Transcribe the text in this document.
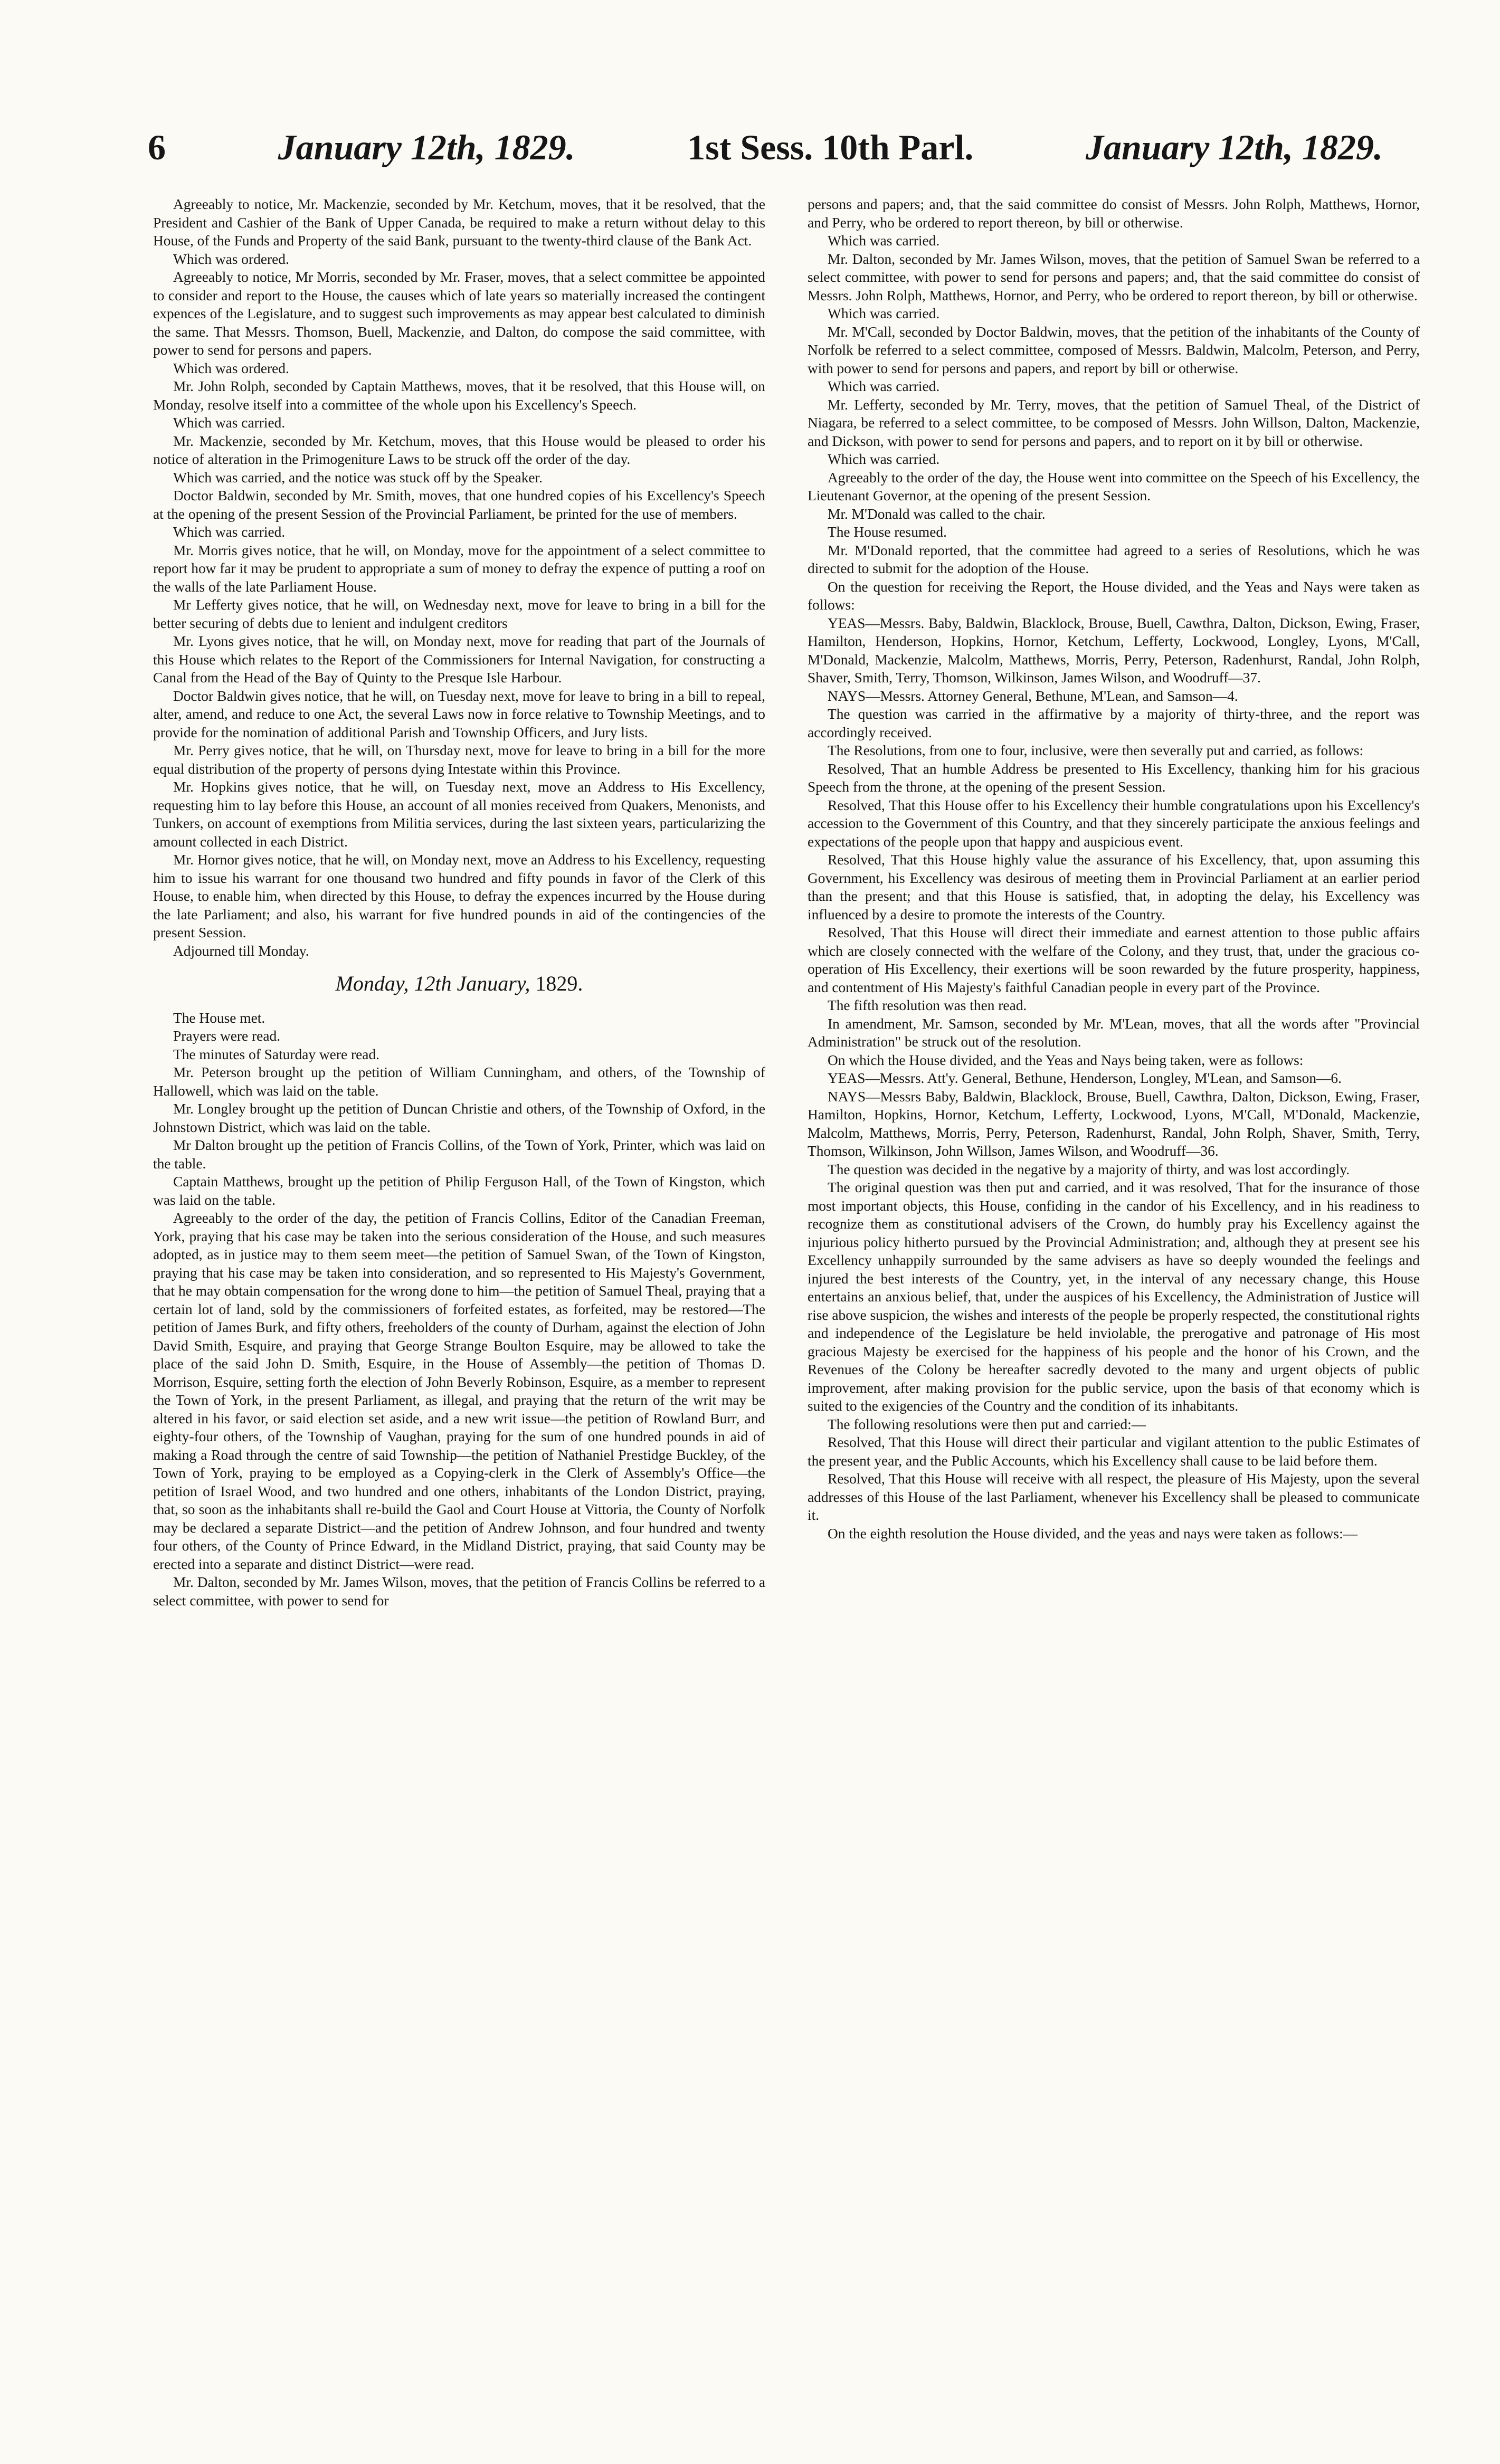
6	January 12th, 1829.	1st Sess. 10th Parl.	January 12th, 1829.

Agreeably to notice, Mr. Mackenzie, seconded by Mr. Ketchum, moves, that it be resolved, that the President and Cashier of the Bank of Upper Canada, be required to make a return without delay to this House, of the Funds and Property of the said Bank, pursuant to the twenty-third clause of the Bank Act.

Which was ordered.

Agreeably to notice, Mr Morris, seconded by Mr. Fraser, moves, that a select committee be appointed to consider and report to the House, the causes which of late years so materially increased the contingent expences of the Legislature, and to suggest such improvements as may appear best calculated to diminish the same. That Messrs. Thomson, Buell, Mackenzie, and Dalton, do compose the said committee, with power to send for persons and papers.

Which was ordered.

Mr. John Rolph, seconded by Captain Matthews, moves, that it be resolved, that this House will, on Monday, resolve itself into a committee of the whole upon his Excellency's Speech.

Which was carried.

Mr. Mackenzie, seconded by Mr. Ketchum, moves, that this House would be pleased to order his notice of alteration in the Primogeniture Laws to be struck off the order of the day.

Which was carried, and the notice was stuck off by the Speaker.

Doctor Baldwin, seconded by Mr. Smith, moves, that one hundred copies of his Excellency's Speech at the opening of the present Session of the Provincial Parliament, be printed for the use of members.

Which was carried.

Mr. Morris gives notice, that he will, on Monday, move for the appointment of a select committee to report how far it may be prudent to appropriate a sum of money to defray the expence of putting a roof on the walls of the late Parliament House.

Mr Lefferty gives notice, that he will, on Wednesday next, move for leave to bring in a bill for the better securing of debts due to lenient and indulgent creditors

Mr. Lyons gives notice, that he will, on Monday next, move for reading that part of the Journals of this House which relates to the Report of the Commissioners for Internal Navigation, for constructing a Canal from the Head of the Bay of Quinty to the Presque Isle Harbour.

Doctor Baldwin gives notice, that he will, on Tuesday next, move for leave to bring in a bill to repeal, alter, amend, and reduce to one Act, the several Laws now in force relative to Township Meetings, and to provide for the nomination of additional Parish and Township Officers, and Jury lists.

Mr. Perry gives notice, that he will, on Thursday next, move for leave to bring in a bill for the more equal distribution of the property of persons dying Intestate within this Province.

Mr. Hopkins gives notice, that he will, on Tuesday next, move an Address to His Excellency, requesting him to lay before this House, an account of all monies received from Quakers, Menonists, and Tunkers, on account of exemptions from Militia services, during the last sixteen years, particularizing the amount collected in each District.

Mr. Hornor gives notice, that he will, on Monday next, move an Address to his Excellency, requesting him to issue his warrant for one thousand two hundred and fifty pounds in favor of the Clerk of this House, to enable him, when directed by this House, to defray the expences incurred by the House during the late Parliament; and also, his warrant for five hundred pounds in aid of the contingencies of the present Session.

Adjourned till Monday.

Monday, 12th January, 1829.

The House met.

Prayers were read.

The minutes of Saturday were read.

Mr. Peterson brought up the petition of William Cunningham, and others, of the Township of Hallowell, which was laid on the table.

Mr. Longley brought up the petition of Duncan Christie and others, of the Township of Oxford, in the Johnstown District, which was laid on the table.

Mr Dalton brought up the petition of Francis Collins, of the Town of York, Printer, which was laid on the table.

Captain Matthews, brought up the petition of Philip Ferguson Hall, of the Town of Kingston, which was laid on the table.

Agreeably to the order of the day, the petition of Francis Collins, Editor of the Canadian Freeman, York, praying that his case may be taken into the serious consideration of the House, and such measures adopted, as in justice may to them seem meet—the petition of Samuel Swan, of the Town of Kingston, praying that his case may be taken into consideration, and so represented to His Majesty's Government, that he may obtain compensation for the wrong done to him—the petition of Samuel Theal, praying that a certain lot of land, sold by the commissioners of forfeited estates, as forfeited, may be restored—The petition of James Burk, and fifty others, freeholders of the county of Durham, against the election of John David Smith, Esquire, and praying that George Strange Boulton Esquire, may be allowed to take the place of the said John D. Smith, Esquire, in the House of Assembly—the petition of Thomas D. Morrison, Esquire, setting forth the election of John Beverly Robinson, Esquire, as a member to represent the Town of York, in the present Parliament, as illegal, and praying that the return of the writ may be altered in his favor, or said election set aside, and a new writ issue—the petition of Rowland Burr, and eighty-four others, of the Township of Vaughan, praying for the sum of one hundred pounds in aid of making a Road through the centre of said Township—the petition of Nathaniel Prestidge Buckley, of the Town of York, praying to be employed as a Copying-clerk in the Clerk of Assembly's Office—the petition of Israel Wood, and two hundred and one others, inhabitants of the London District, praying, that, so soon as the inhabitants shall re-build the Gaol and Court House at Vittoria, the County of Norfolk may be declared a separate District—and the petition of Andrew Johnson, and four hundred and twenty four others, of the County of Prince Edward, in the Midland District, praying, that said County may be erected into a separate and distinct District—were read.

Mr. Dalton, seconded by Mr. James Wilson, moves, that the petition of Francis Collins be referred to a select committee, with power to send for

persons and papers; and, that the said committee do consist of Messrs. John Rolph, Matthews, Hornor, and Perry, who be ordered to report thereon, by bill or otherwise.

Which was carried.

Mr. Dalton, seconded by Mr. James Wilson, moves, that the petition of Samuel Swan be referred to a select committee, with power to send for persons and papers; and, that the said committee do consist of Messrs. John Rolph, Matthews, Hornor, and Perry, who be ordered to report thereon, by bill or otherwise.

Which was carried.

Mr. M'Call, seconded by Doctor Baldwin, moves, that the petition of the inhabitants of the County of Norfolk be referred to a select committee, composed of Messrs. Baldwin, Malcolm, Peterson, and Perry, with power to send for persons and papers, and report by bill or otherwise.

Which was carried.

Mr. Lefferty, seconded by Mr. Terry, moves, that the petition of Samuel Theal, of the District of Niagara, be referred to a select committee, to be composed of Messrs. John Willson, Dalton, Mackenzie, and Dickson, with power to send for persons and papers, and to report on it by bill or otherwise.

Which was carried.

Agreeably to the order of the day, the House went into committee on the Speech of his Excellency, the Lieutenant Governor, at the opening of the present Session.

Mr. M'Donald was called to the chair.

The House resumed.

Mr. M'Donald reported, that the committee had agreed to a series of Resolutions, which he was directed to submit for the adoption of the House.

On the question for receiving the Report, the House divided, and the Yeas and Nays were taken as follows:

YEAS—Messrs. Baby, Baldwin, Blacklock, Brouse, Buell, Cawthra, Dalton, Dickson, Ewing, Fraser, Hamilton, Henderson, Hopkins, Hornor, Ketchum, Lefferty, Lockwood, Longley, Lyons, M'Call, M'Donald, Mackenzie, Malcolm, Matthews, Morris, Perry, Peterson, Radenhurst, Randal, John Rolph, Shaver, Smith, Terry, Thomson, Wilkinson, James Wilson, and Woodruff—37.

NAYS—Messrs. Attorney General, Bethune, M'Lean, and Samson—4.

The question was carried in the affirmative by a majority of thirty-three, and the report was accordingly received.

The Resolutions, from one to four, inclusive, were then severally put and carried, as follows:

Resolved, That an humble Address be presented to His Excellency, thanking him for his gracious Speech from the throne, at the opening of the present Session.

Resolved, That this House offer to his Excellency their humble congratulations upon his Excellency's accession to the Government of this Country, and that they sincerely participate the anxious feelings and expectations of the people upon that happy and auspicious event.

Resolved, That this House highly value the assurance of his Excellency, that, upon assuming this Government, his Excellency was desirous of meeting them in Provincial Parliament at an earlier period than the present; and that this House is satisfied, that, in adopting the delay, his Excellency was influenced by a desire to promote the interests of the Country.

Resolved, That this House will direct their immediate and earnest attention to those public affairs which are closely connected with the welfare of the Colony, and they trust, that, under the gracious co-operation of His Excellency, their exertions will be soon rewarded by the future prosperity, happiness, and contentment of His Majesty's faithful Canadian people in every part of the Province.

The fifth resolution was then read.

In amendment, Mr. Samson, seconded by Mr. M'Lean, moves, that all the words after "Provincial Administration" be struck out of the resolution.

On which the House divided, and the Yeas and Nays being taken, were as follows:

YEAS—Messrs. Att'y. General, Bethune, Henderson, Longley, M'Lean, and Samson—6.

NAYS—Messrs Baby, Baldwin, Blacklock, Brouse, Buell, Cawthra, Dalton, Dickson, Ewing, Fraser, Hamilton, Hopkins, Hornor, Ketchum, Lefferty, Lockwood, Lyons, M'Call, M'Donald, Mackenzie, Malcolm, Matthews, Morris, Perry, Peterson, Radenhurst, Randal, John Rolph, Shaver, Smith, Terry, Thomson, Wilkinson, John Willson, James Wilson, and Woodruff—36.

The question was decided in the negative by a majority of thirty, and was lost accordingly.

The original question was then put and carried, and it was resolved, That for the insurance of those most important objects, this House, confiding in the candor of his Excellency, and in his readiness to recognize them as constitutional advisers of the Crown, do humbly pray his Excellency against the injurious policy hitherto pursued by the Provincial Administration; and, although they at present see his Excellency unhappily surrounded by the same advisers as have so deeply wounded the feelings and injured the best interests of the Country, yet, in the interval of any necessary change, this House entertains an anxious belief, that, under the auspices of his Excellency, the Administration of Justice will rise above suspicion, the wishes and interests of the people be properly respected, the constitutional rights and independence of the Legislature be held inviolable, the prerogative and patronage of His most gracious Majesty be exercised for the happiness of his people and the honor of his Crown, and the Revenues of the Colony be hereafter sacredly devoted to the many and urgent objects of public improvement, after making provision for the public service, upon the basis of that economy which is suited to the exigencies of the Country and the condition of its inhabitants.

The following resolutions were then put and carried:—

Resolved, That this House will direct their particular and vigilant attention to the public Estimates of the present year, and the Public Accounts, which his Excellency shall cause to be laid before them.

Resolved, That this House will receive with all respect, the pleasure of His Majesty, upon the several addresses of this House of the last Parliament, whenever his Excellency shall be pleased to communicate it.

On the eighth resolution the House divided, and the yeas and nays were taken as follows:—
